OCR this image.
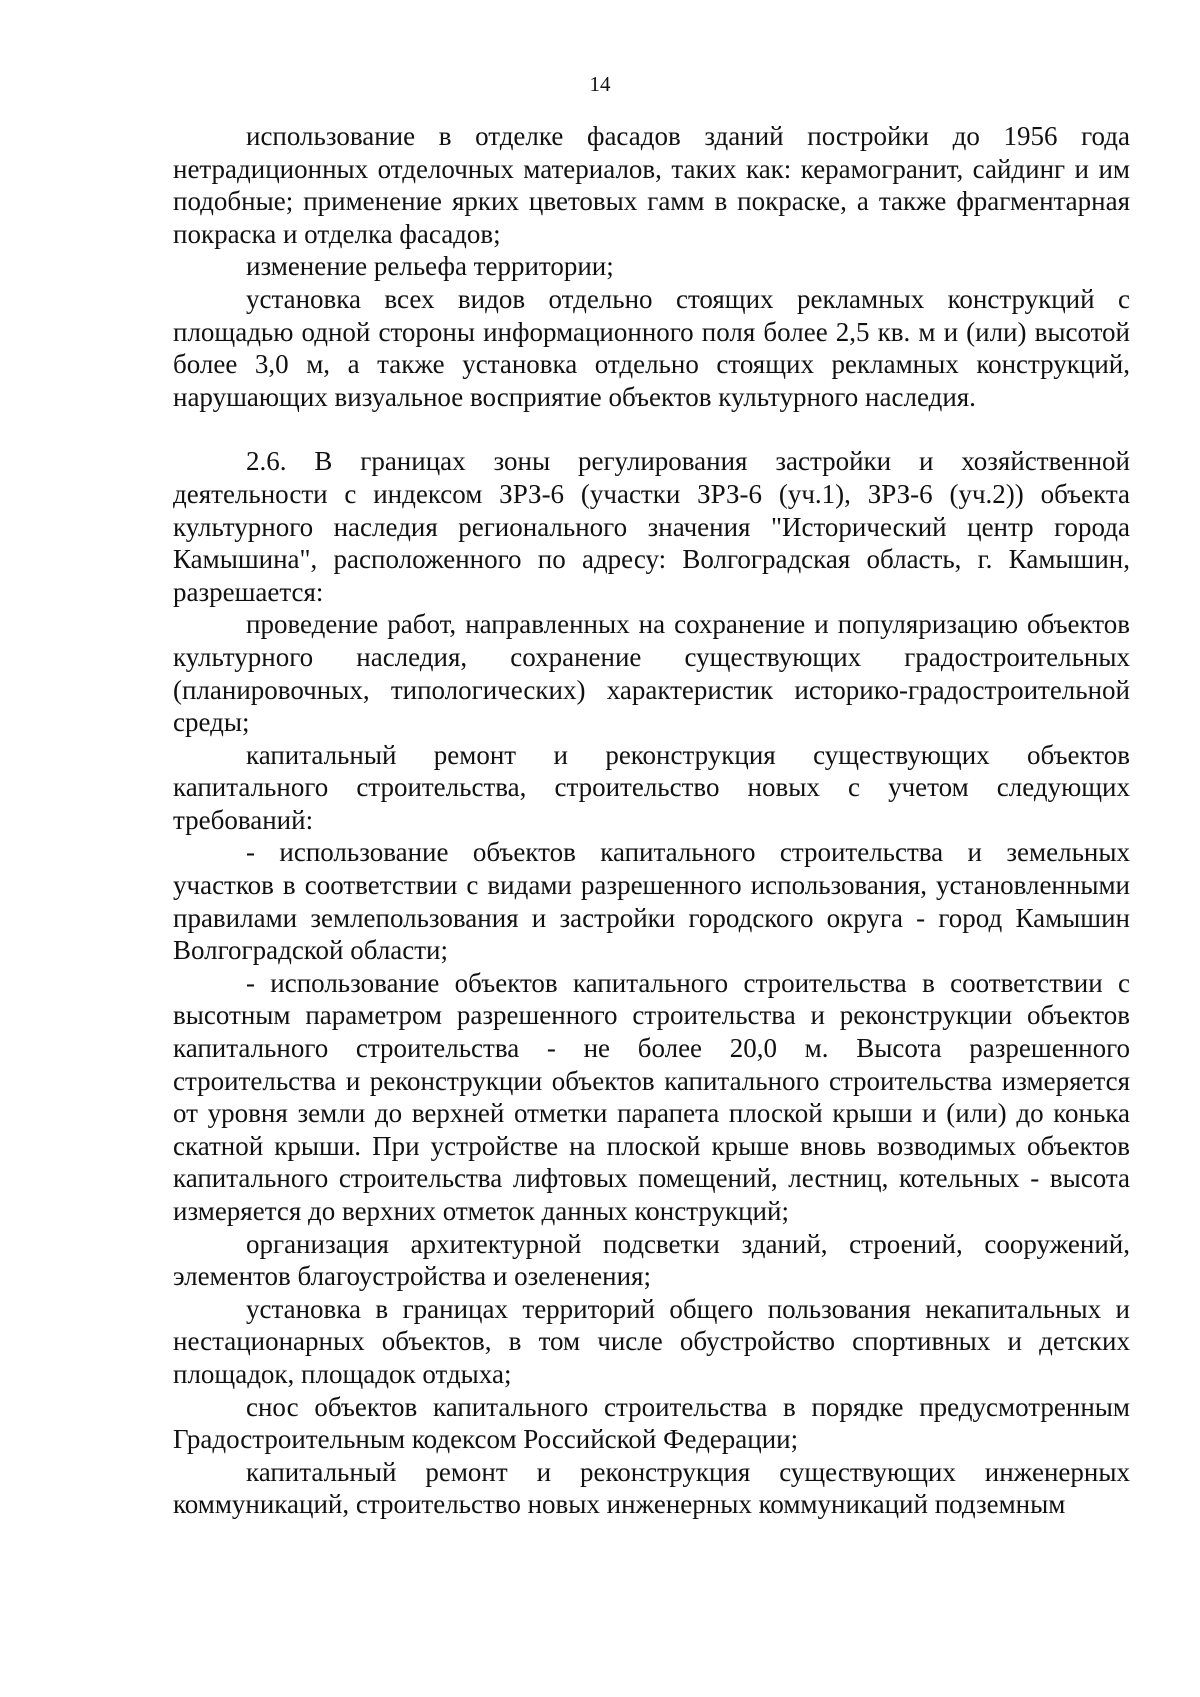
14

использование в отделке фасадов зданий постройки до 1956 года нетрадиционных отделочных материалов, таких как: керамогранит, сайдинг и им подобные; применение ярких цветовых гамм в покраске, а также фрагментарная покраска и отделка фасадов;

изменение рельефа территории;

установка всех видов отдельно стоящих рекламных конструкций с площадью одной стороны информационного поля более 2,5 кв. м и (или) высотой более 3,0 м, а также установка отдельно стоящих рекламных конструкций, нарушающих визуальное восприятие объектов культурного наследия.

2.6. В границах зоны регулирования застройки и хозяйственной деятельности с индексом ЗРЗ-6 (участки ЗРЗ-6 (уч.1), ЗРЗ-6 (уч.2)) объекта культурного наследия регионального значения "Исторический центр города Камышина", расположенного по адресу: Волгоградская область, г. Камышин, разрешается:

проведение работ, направленных на сохранение и популяризацию объектов культурного наследия, сохранение существующих градостроительных (планировочных, типологических) характеристик историко-градостроительной среды;

капитальный ремонт и реконструкция существующих объектов капитального строительства, строительство новых с учетом следующих требований:

- использование объектов капитального строительства и земельных участков в соответствии с видами разрешенного использования, установленными правилами землепользования и застройки городского округа - город Камышин Волгоградской области;

- использование объектов капитального строительства в соответствии с высотным параметром разрешенного строительства и реконструкции объектов капитального строительства - не более 20,0 м. Высота разрешенного строительства и реконструкции объектов капитального строительства измеряется от уровня земли до верхней отметки парапета плоской крыши и (или) до конька скатной крыши. При устройстве на плоской крыше вновь возводимых объектов капитального строительства лифтовых помещений, лестниц, котельных - высота измеряется до верхних отметок данных конструкций;

организация архитектурной подсветки зданий, строений, сооружений, элементов благоустройства и озеленения;

установка в границах территорий общего пользования некапитальных и нестационарных объектов, в том числе обустройство спортивных и детских площадок, площадок отдыха;

снос объектов капитального строительства в порядке предусмотренным Градостроительным кодексом Российской Федерации;

капитальный ремонт и реконструкция существующих инженерных коммуникаций, строительство новых инженерных коммуникаций подземным
